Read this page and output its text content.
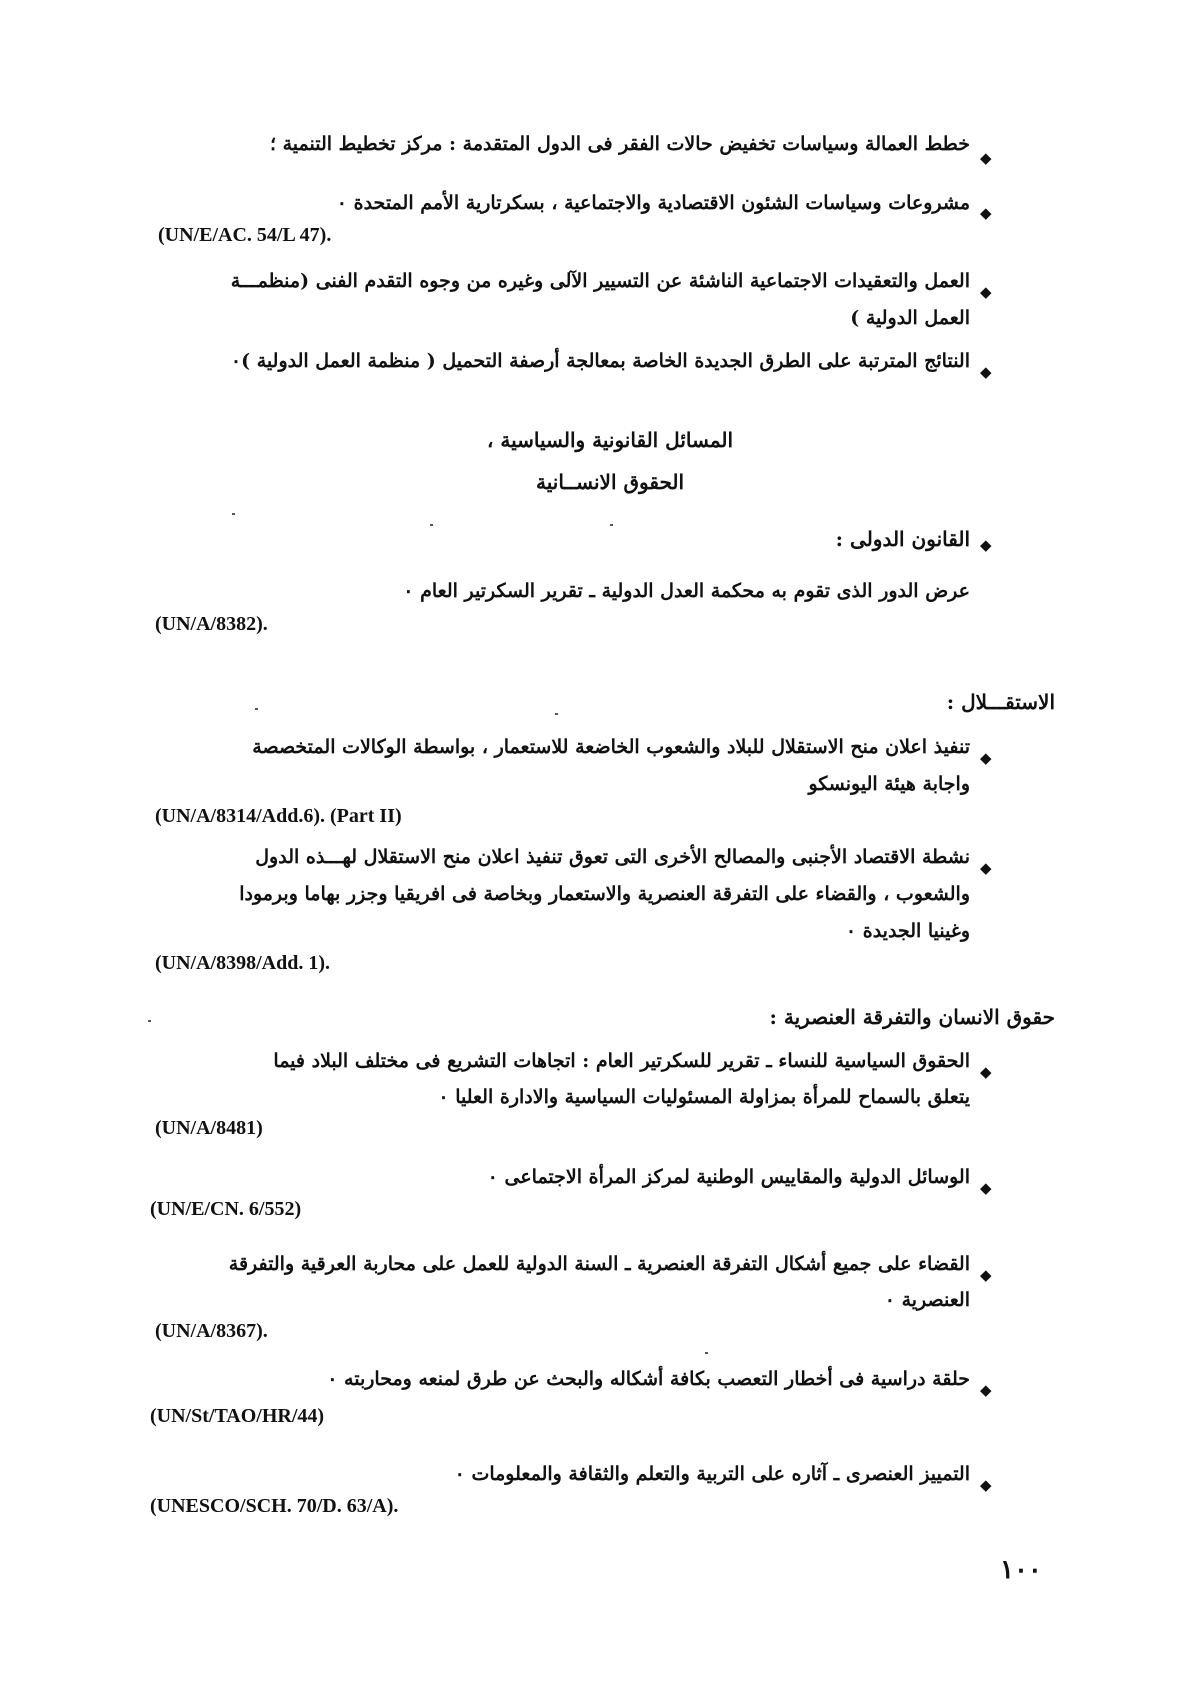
◆
خطط العمالة وسياسات تخفيض حالات الفقر فى الدول المتقدمة : مركز تخطيط التنمية ؛
◆
مشروعات وسياسات الشئون الاقتصادية والاجتماعية ، بسكرتارية الأمم المتحدة ٠
(UN/E/AC. 54/L 47).
◆
العمل والتعقيدات الاجتماعية الناشئة عن التسيير الآلى وغيره من وجوه التقدم الفنى (منظمـــة
العمل الدولية )
◆
النتائج المترتبة على الطرق الجديدة الخاصة بمعالجة أرصفة التحميل ( منظمة العمل الدولية )٠
المسائل القانونية والسياسية ،
الحقوق الانســانية
◆
القانون الدولى :
عرض الدور الذى تقوم به محكمة العدل الدولية ـ تقرير السكرتير العام ٠
(UN/A/8382).
الاستقـــلال :
◆
تنفيذ اعلان منح الاستقلال للبلاد والشعوب الخاضعة للاستعمار ، بواسطة الوكالات المتخصصة
واجابة هيئة اليونسكو
(UN/A/8314/Add.6). (Part II)
◆
نشطة الاقتصاد الأجنبى والمصالح الأخرى التى تعوق تنفيذ اعلان منح الاستقلال لهـــذه الدول
والشعوب ، والقضاء على التفرقة العنصرية والاستعمار وبخاصة فى افريقيا وجزر بهاما وبرمودا
وغينيا الجديدة ٠
(UN/A/8398/Add. 1).
حقوق الانسان والتفرقة العنصرية :
◆
الحقوق السياسية للنساء ـ تقرير للسكرتير العام : اتجاهات التشريع فى مختلف البلاد فيما
يتعلق بالسماح للمرأة بمزاولة المسئوليات السياسية والادارة العليا ٠
(UN/A/8481)
◆
الوسائل الدولية والمقاييس الوطنية لمركز المرأة الاجتماعى ٠
(UN/E/CN. 6/552)
◆
القضاء على جميع أشكال التفرقة العنصرية ـ السنة الدولية للعمل على محاربة العرقية والتفرقة
العنصرية ٠
(UN/A/8367).
◆
حلقة دراسية فى أخطار التعصب بكافة أشكاله والبحث عن طرق لمنعه ومحاربته ٠
(UN/St/TAO/HR/44)
◆
التمييز العنصرى ـ آثاره على التربية والتعلم والثقافة والمعلومات ٠
(UNESCO/SCH. 70/D. 63/A).
١٠٠
